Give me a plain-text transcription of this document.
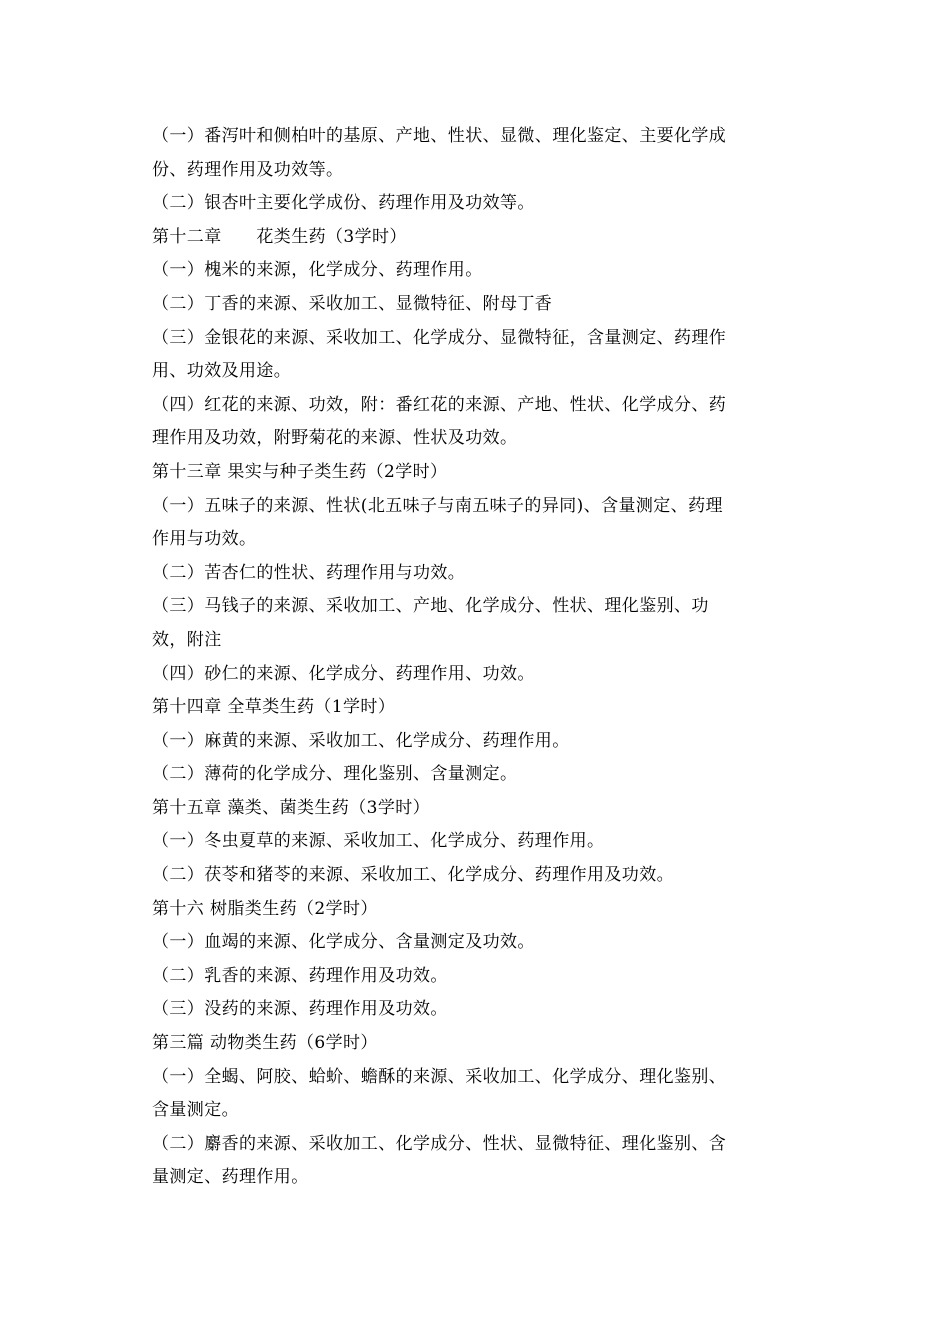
（一）番泻叶和侧柏叶的基原、产地、性状、显微、理化鉴定、主要化学成
份、药理作用及功效等。
（二）银杏叶主要化学成份、药理作用及功效等。
第十二章　　花类生药（3学时）
（一）槐米的来源，化学成分、药理作用。
（二）丁香的来源、采收加工、显微特征、附母丁香
（三）金银花的来源、采收加工、化学成分、显微特征，含量测定、药理作
用、功效及用途。
（四）红花的来源、功效，附：番红花的来源、产地、性状、化学成分、药
理作用及功效，附野菊花的来源、性状及功效。
第十三章 果实与种子类生药（2学时）
（一）五味子的来源、性状(北五味子与南五味子的异同)、含量测定、药理
作用与功效。
（二）苦杏仁的性状、药理作用与功效。
（三）马钱子的来源、采收加工、产地、化学成分、性状、理化鉴别、功
效，附注
（四）砂仁的来源、化学成分、药理作用、功效。
第十四章 全草类生药（1学时）
（一）麻黄的来源、采收加工、化学成分、药理作用。
（二）薄荷的化学成分、理化鉴别、含量测定。
第十五章 藻类、菌类生药（3学时）
（一）冬虫夏草的来源、采收加工、化学成分、药理作用。
（二）茯苓和猪苓的来源、采收加工、化学成分、药理作用及功效。
第十六 树脂类生药（2学时）
（一）血竭的来源、化学成分、含量测定及功效。
（二）乳香的来源、药理作用及功效。
（三）没药的来源、药理作用及功效。
第三篇 动物类生药（6学时）
（一）全蝎、阿胶、蛤蚧、蟾酥的来源、采收加工、化学成分、理化鉴别、
含量测定。
（二）麝香的来源、采收加工、化学成分、性状、显微特征、理化鉴别、含
量测定、药理作用。
